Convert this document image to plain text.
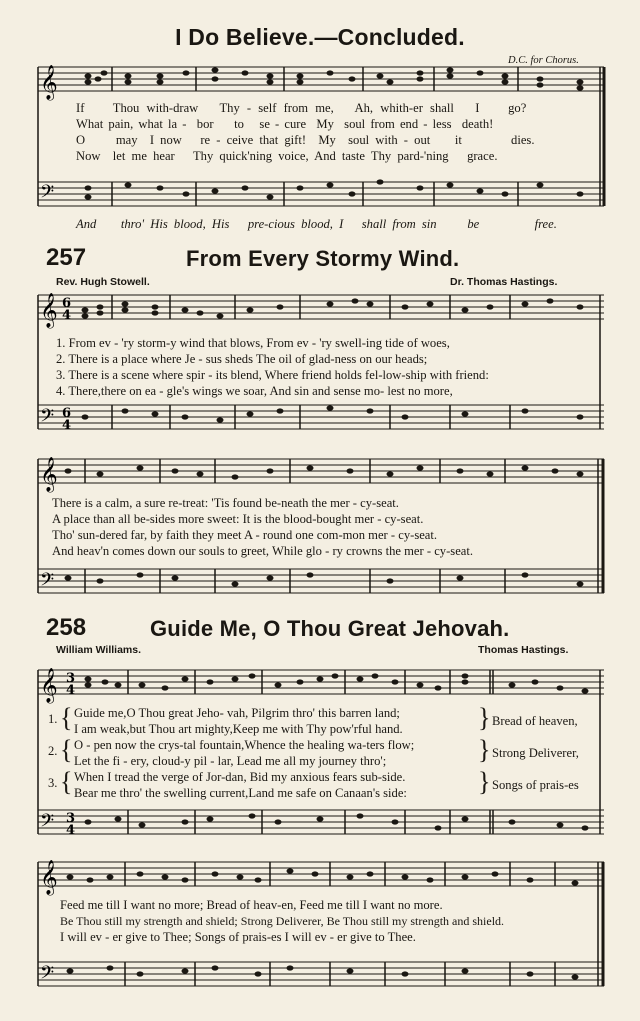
I Do Believe.—Concluded.
D.C. for Chorus.
𝄞
𝄢
If Thou with-draw Thy - self from me, Ah, whith-er shall I go?
What pain, what la - bor to se - cure My soul from end - less death!
O may I now re - ceive that gift! My soul with - out it	dies.
Now let me hear Thy quick'ning voice, And taste Thy pard-'ning grace.
And thro' His blood, His pre-cious blood, I shall from sin be	free.
257	From Every Stormy Wind.
Rev. Hugh Stowell.	Dr. Thomas Hastings.
𝄞
𝄢
𝄞
𝄢
6
4
6
4
1. From ev - 'ry storm-y wind that blows, From ev - 'ry swell-ing tide of woes,
2. There is a place where Je - sus sheds The oil of glad-ness on our heads;
3. There is a scene where spir - its blend, Where friend holds fel-low-ship with friend:
4. There,there on ea - gle's wings we soar, And sin and sense mo- lest no more,
There is a calm, a sure re-treat: 'Tis found be-neath the mer - cy-seat.
A place than all be-sides more sweet: It is the blood-bought mer - cy-seat.
Tho' sun-dered far, by faith they meet A - round one com-mon mer - cy-seat.
And heav'n comes down our souls to greet, While glo - ry crowns the mer - cy-seat.
258	Guide Me, O Thou Great Jehovah.
William Williams.	Thomas Hastings.
𝄞
𝄢
𝄞
𝄢
3
4
3
4
1.
2.
3.
{
{
{
}
}
}
Guide me,O Thou great Jeho- vah, Pilgrim thro' this barren land;
I am weak,but Thou art mighty,Keep me with Thy pow'rful hand.
O - pen now the crys-tal fountain,Whence the healing wa-ters flow;
Let the fi - ery, cloud-y pil - lar, Lead me all my journey thro';
When I tread the verge of Jor-dan, Bid my anxious fears sub-side.
Bear me thro' the swelling current,Land me safe on Canaan's side:
Bread of heaven,
Strong Deliverer,
Songs of prais-es
Feed me till I want no more; Bread of heav-en, Feed me till I want no more.
Be Thou still my strength and shield; Strong Deliverer, Be Thou still my strength and shield.
I will ev - er give to Thee; Songs of prais-es I will ev - er give to Thee.
